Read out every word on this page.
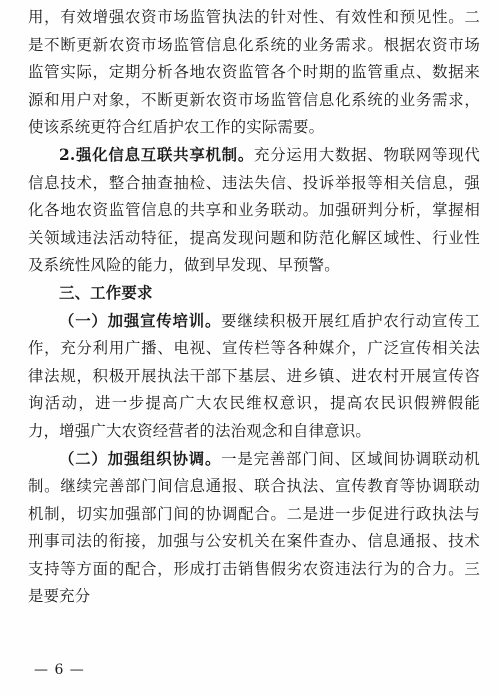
用，有效增强农资市场监管执法的针对性、有效性和预见性。二是不断更新农资市场监管信息化系统的业务需求。根据农资市场监管实际，定期分析各地农资监管各个时期的监管重点、数据来源和用户对象，不断更新农资市场监管信息化系统的业务需求，使该系统更符合红盾护农工作的实际需要。

2.强化信息互联共享机制。充分运用大数据、物联网等现代信息技术，整合抽查抽检、违法失信、投诉举报等相关信息，强化各地农资监管信息的共享和业务联动。加强研判分析，掌握相关领域违法活动特征，提高发现问题和防范化解区域性、行业性及系统性风险的能力，做到早发现、早预警。

三、工作要求

（一）加强宣传培训。要继续积极开展红盾护农行动宣传工作，充分利用广播、电视、宣传栏等各种媒介，广泛宣传相关法律法规，积极开展执法干部下基层、进乡镇、进农村开展宣传咨询活动，进一步提高广大农民维权意识，提高农民识假辨假能力，增强广大农资经营者的法治观念和自律意识。

（二）加强组织协调。一是完善部门间、区域间协调联动机制。继续完善部门间信息通报、联合执法、宣传教育等协调联动机制，切实加强部门间的协调配合。二是进一步促进行政执法与刑事司法的衔接，加强与公安机关在案件查办、信息通报、技术支持等方面的配合，形成打击销售假劣农资违法行为的合力。三是要充分

— 6 —
